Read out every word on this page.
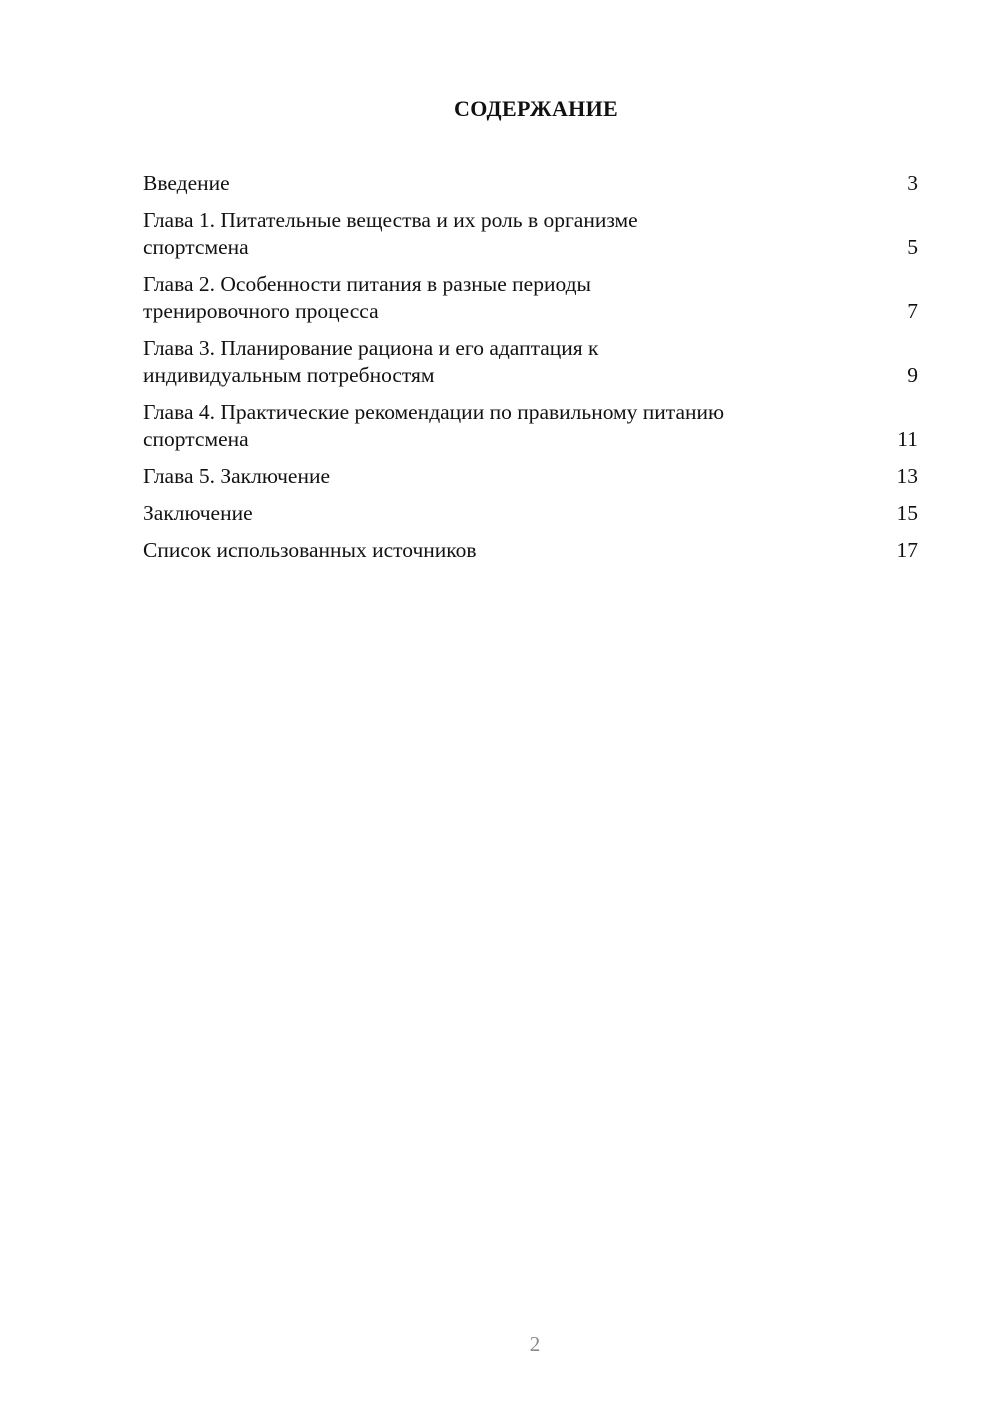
СОДЕРЖАНИЕ
Введение	3
Глава 1. Питательные вещества и их роль в организме
спортсмена	5
Глава 2. Особенности питания в разные периоды
тренировочного процесса	7
Глава 3. Планирование рациона и его адаптация к
индивидуальным потребностям	9
Глава 4. Практические рекомендации по правильному питанию
спортсмена	11
Глава 5. Заключение	13
Заключение	15
Список использованных источников	17
2
